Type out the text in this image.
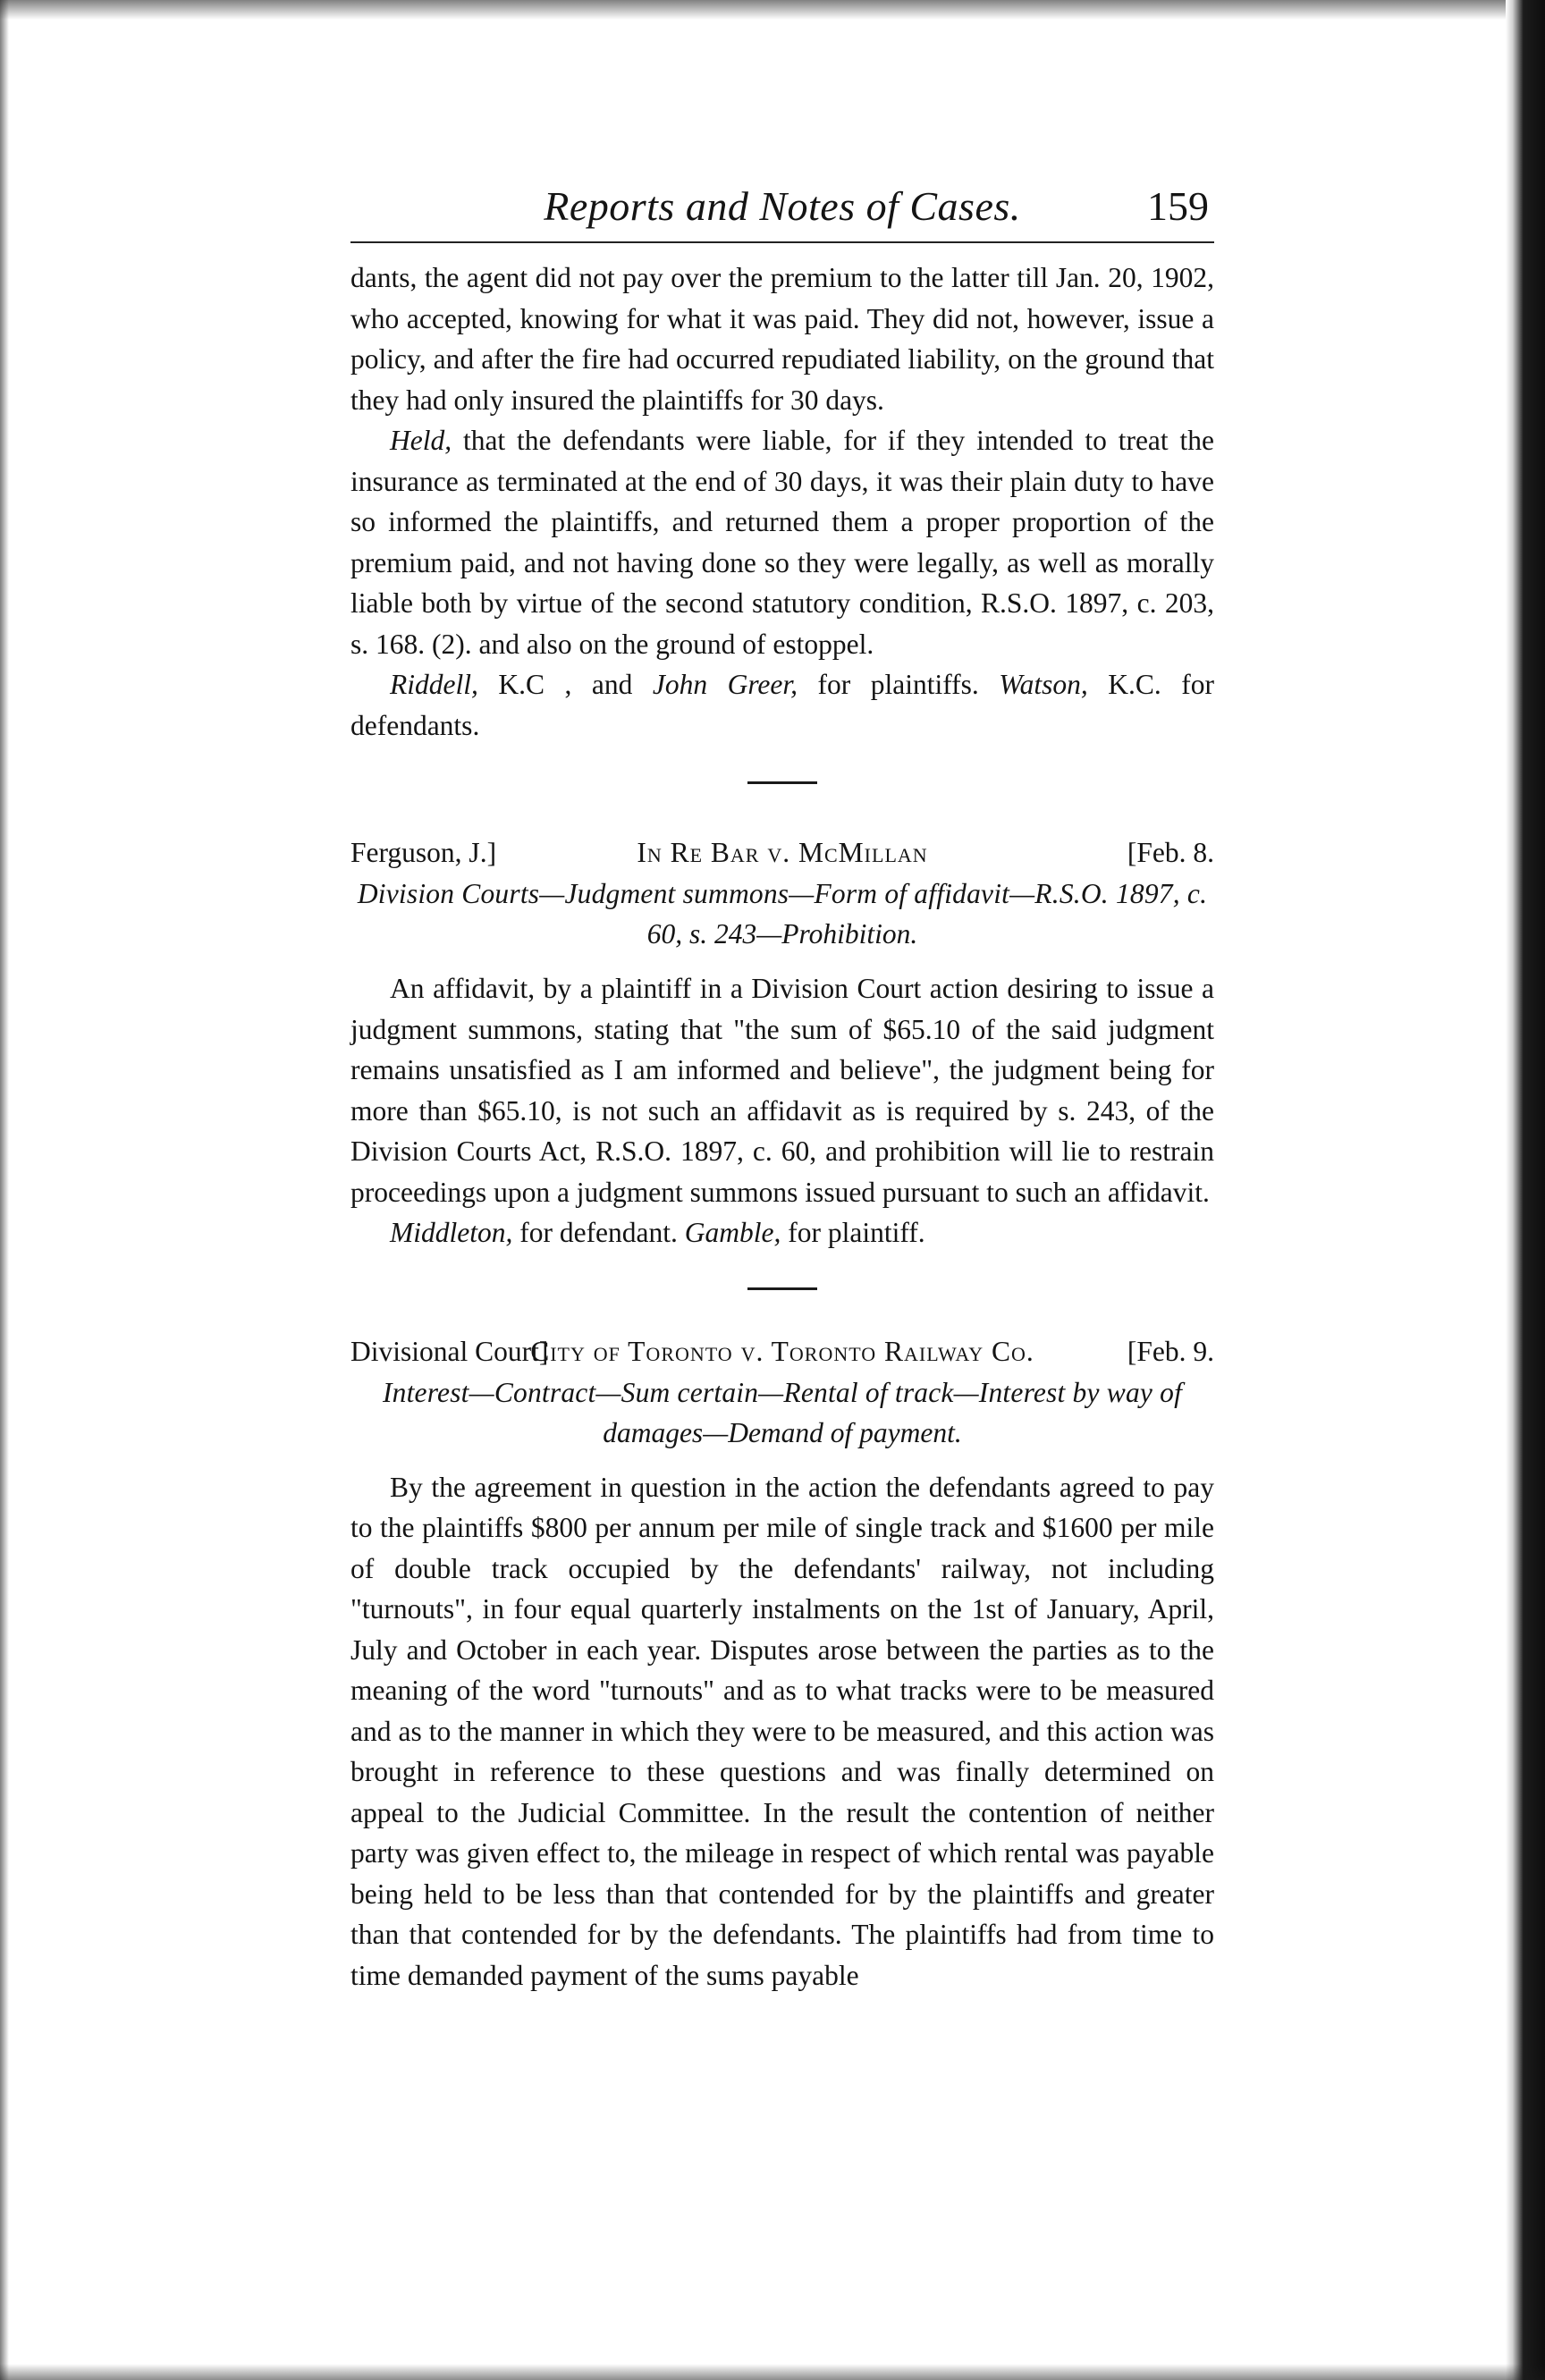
Reports and Notes of Cases.	159

dants, the agent did not pay over the premium to the latter till Jan. 20, 1902, who accepted, knowing for what it was paid. They did not, however, issue a policy, and after the fire had occurred repudiated liability, on the ground that they had only insured the plaintiffs for 30 days.

Held, that the defendants were liable, for if they intended to treat the insurance as terminated at the end of 30 days, it was their plain duty to have so informed the plaintiffs, and returned them a proper proportion of the premium paid, and not having done so they were legally, as well as morally liable both by virtue of the second statutory condition, R.S.O. 1897, c. 203, s. 168. (2). and also on the ground of estoppel.

Riddell, K.C , and John Greer, for plaintiffs. Watson, K.C. for defendants.

Ferguson, J.]	In Re Bar v. McMillan	[Feb. 8.

Division Courts—Judgment summons—Form of affidavit—R.S.O. 1897, c.

60, s. 243—Prohibition.

An affidavit, by a plaintiff in a Division Court action desiring to issue a judgment summons, stating that "the sum of $65.10 of the said judgment remains unsatisfied as I am informed and believe", the judgment being for more than $65.10, is not such an affidavit as is required by s. 243, of the Division Courts Act, R.S.O. 1897, c. 60, and prohibition will lie to restrain proceedings upon a judgment summons issued pursuant to such an affidavit.

Middleton, for defendant. Gamble, for plaintiff.

Divisional Court]
City of Toronto v. Toronto Railway Co.	[Feb. 9.

Interest—Contract—Sum certain—Rental of track—Interest by way of

damages—Demand of payment.

By the agreement in question in the action the defendants agreed to pay to the plaintiffs $800 per annum per mile of single track and $1600 per mile of double track occupied by the defendants' railway, not including "turnouts", in four equal quarterly instalments on the 1st of January, April, July and October in each year. Disputes arose between the parties as to the meaning of the word "turnouts" and as to what tracks were to be measured and as to the manner in which they were to be measured, and this action was brought in reference to these questions and was finally determined on appeal to the Judicial Committee. In the result the contention of neither party was given effect to, the mileage in respect of which rental was payable being held to be less than that contended for by the plaintiffs and greater than that contended for by the defendants. The plaintiffs had from time to time demanded payment of the sums payable
